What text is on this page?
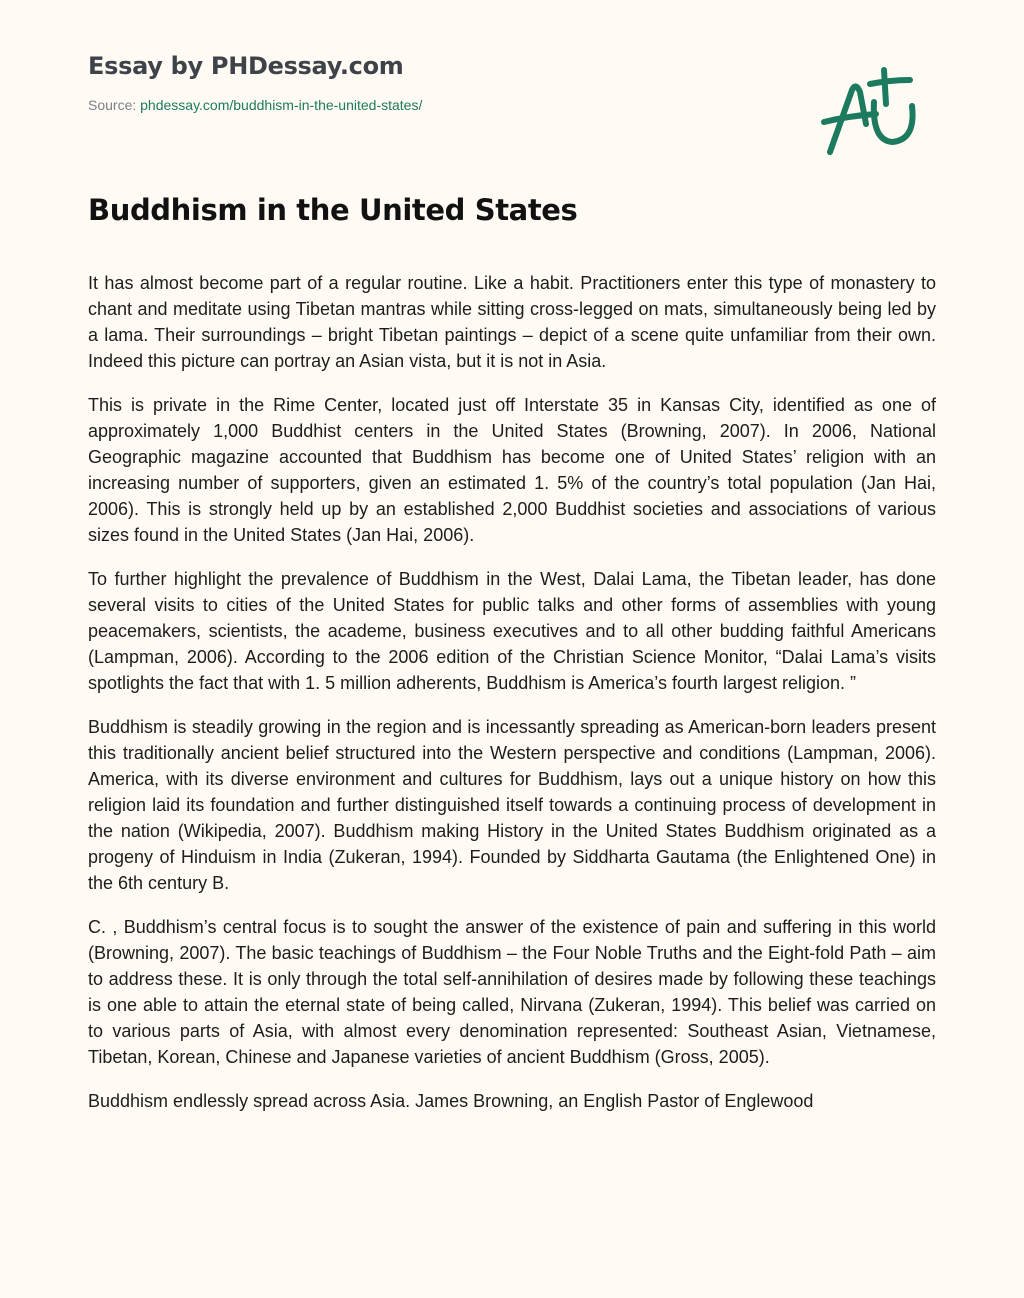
Essay by PHDessay.com
Source: phdessay.com/buddhism-in-the-united-states/
Buddhism in the United States

It has almost become part of a regular routine. Like a habit. Practitioners enter this type of monastery to chant and meditate using Tibetan mantras while sitting cross-legged on mats, simultaneously being led by a lama. Their surroundings – bright Tibetan paintings – depict of a scene quite unfamiliar from their own. Indeed this picture can portray an Asian vista, but it is not in Asia.

This is private in the Rime Center, located just off Interstate 35 in Kansas City, identified as one of approximately 1,000 Buddhist centers in the United States (Browning, 2007). In 2006, National Geographic magazine accounted that Buddhism has become one of United States’ religion with an increasing number of supporters, given an estimated 1. 5% of the country’s total population (Jan Hai, 2006). This is strongly held up by an established 2,000 Buddhist societies and associations of various sizes found in the United States (Jan Hai, 2006).

To further highlight the prevalence of Buddhism in the West, Dalai Lama, the Tibetan leader, has done several visits to cities of the United States for public talks and other forms of assemblies with young peacemakers, scientists, the academe, business executives and to all other budding faithful Americans (Lampman, 2006). According to the 2006 edition of the Christian Science Monitor, “Dalai Lama’s visits spotlights the fact that with 1. 5 million adherents, Buddhism is America’s fourth largest religion. ”

Buddhism is steadily growing in the region and is incessantly spreading as American-born leaders present this traditionally ancient belief structured into the Western perspective and conditions (Lampman, 2006). America, with its diverse environment and cultures for Buddhism, lays out a unique history on how this religion laid its foundation and further distinguished itself towards a continuing process of development in the nation (Wikipedia, 2007). Buddhism making History in the United States Buddhism originated as a progeny of Hinduism in India (Zukeran, 1994). Founded by Siddharta Gautama (the Enlightened One) in the 6th century B.

C. , Buddhism’s central focus is to sought the answer of the existence of pain and suffering in this world (Browning, 2007). The basic teachings of Buddhism – the Four Noble Truths and the Eight-fold Path – aim to address these. It is only through the total self-annihilation of desires made by following these teachings is one able to attain the eternal state of being called, Nirvana (Zukeran, 1994). This belief was carried on to various parts of Asia, with almost every denomination represented: Southeast Asian, Vietnamese, Tibetan, Korean, Chinese and Japanese varieties of ancient Buddhism (Gross, 2005).

Buddhism endlessly spread across Asia. James Browning, an English Pastor of Englewood
